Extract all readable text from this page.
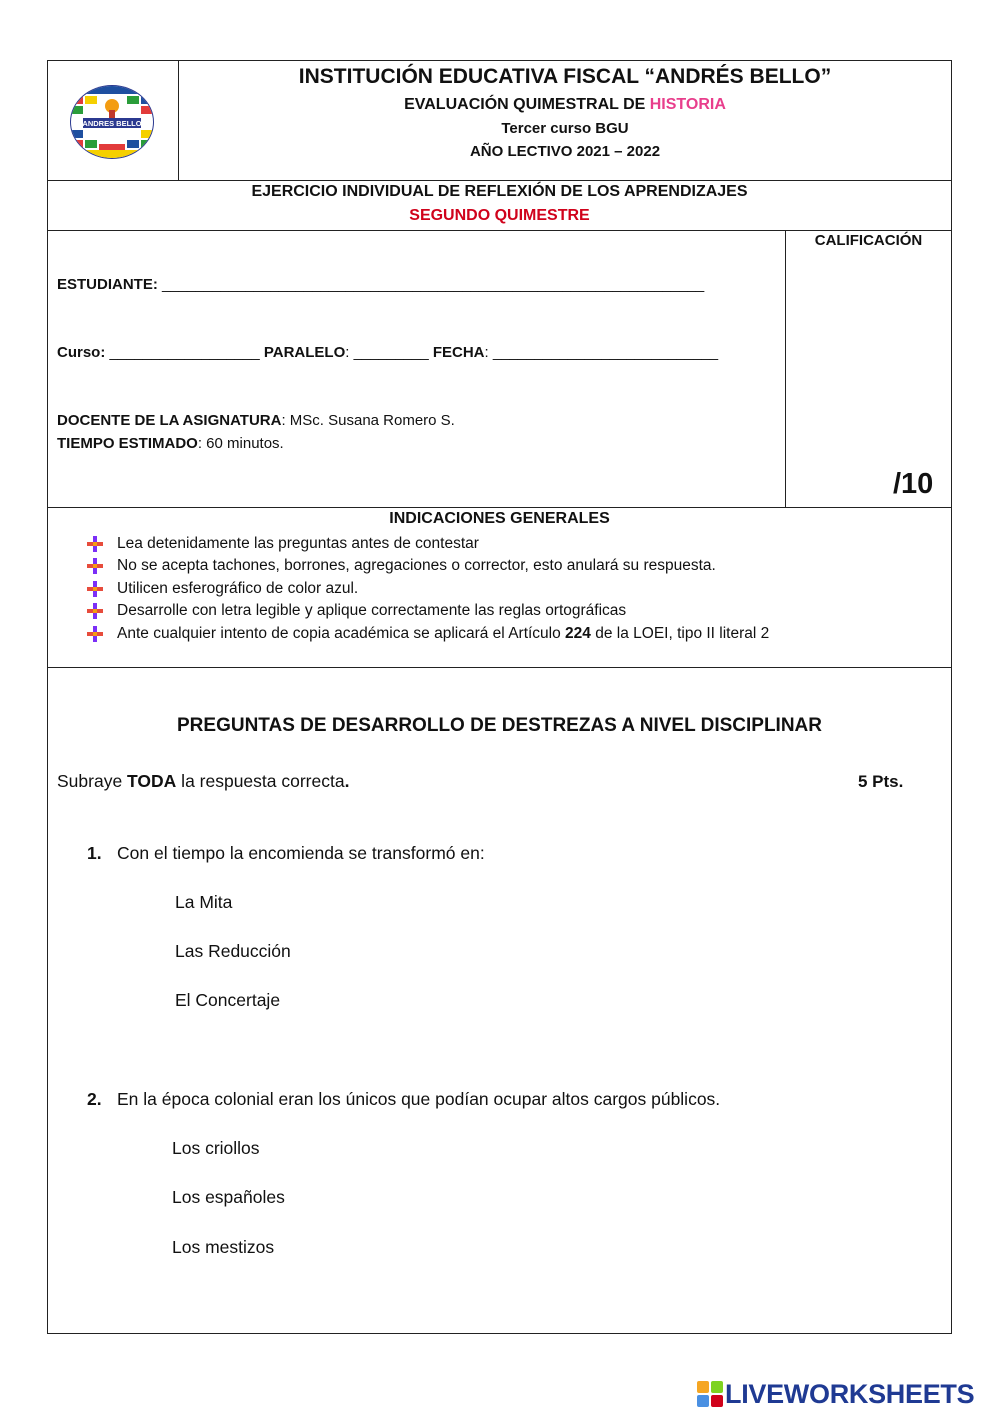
ANDRES BELLO
INSTITUCIÓN EDUCATIVA FISCAL “ANDRÉS BELLO”
EVALUACIÓN QUIMESTRAL DE HISTORIA
Tercer curso BGU
AÑO LECTIVO 2021 – 2022
EJERCICIO INDIVIDUAL DE REFLEXIÓN DE LOS APRENDIZAJES
SEGUNDO QUIMESTRE
ESTUDIANTE: _________________________________________________________________
Curso: __________________ PARALELO: _________ FECHA: ___________________________
DOCENTE DE LA ASIGNATURA: MSc. Susana Romero S.
TIEMPO ESTIMADO: 60 minutos.
CALIFICACIÓN
/10
INDICACIONES GENERALES
Lea detenidamente las preguntas antes de contestar
No se acepta tachones, borrones, agregaciones o corrector, esto anulará su respuesta.
Utilicen esferográfico de color azul.
Desarrolle con letra legible y aplique correctamente las reglas ortográficas
Ante cualquier intento de copia académica se aplicará el Artículo 224 de la LOEI, tipo II literal 2
PREGUNTAS DE DESARROLLO DE DESTREZAS A NIVEL DISCIPLINAR
Subraye TODA la respuesta correcta.	5 Pts.
1. Con el tiempo la encomienda se transformó en:
La Mita
Las Reducción
El Concertaje
2. En la época colonial eran los únicos que podían ocupar altos cargos públicos.
Los criollos
Los españoles
Los mestizos
LIVEWORKSHEETS
